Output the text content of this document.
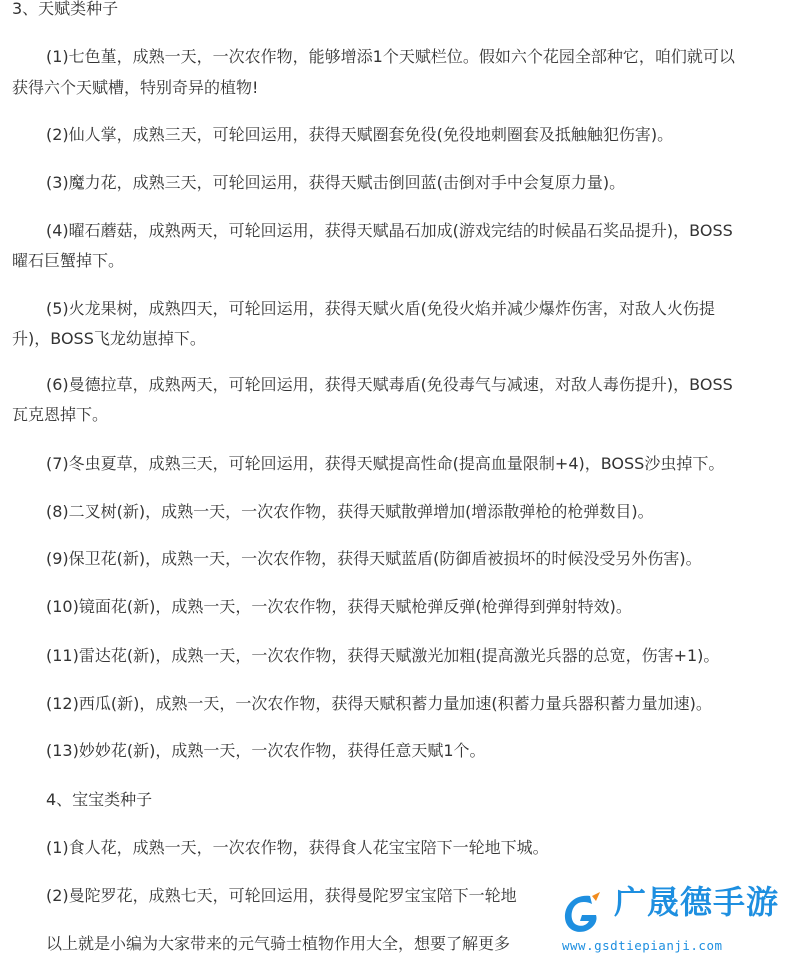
3、天赋类种子
(1)七色堇，成熟一天，一次农作物，能够增添1个天赋栏位。假如六个花园全部种它，咱们就可以
获得六个天赋槽，特别奇异的植物!
(2)仙人掌，成熟三天，可轮回运用，获得天赋圈套免役(免役地刺圈套及抵触触犯伤害)。
(3)魔力花，成熟三天，可轮回运用，获得天赋击倒回蓝(击倒对手中会复原力量)。
(4)曜石蘑菇，成熟两天，可轮回运用，获得天赋晶石加成(游戏完结的时候晶石奖品提升)，BOSS
曜石巨蟹掉下。
(5)火龙果树，成熟四天，可轮回运用，获得天赋火盾(免役火焰并减少爆炸伤害，对敌人火伤提
升)，BOSS飞龙幼崽掉下。
(6)曼德拉草，成熟两天，可轮回运用，获得天赋毒盾(免役毒气与减速，对敌人毒伤提升)，BOSS
瓦克恩掉下。
(7)冬虫夏草，成熟三天，可轮回运用，获得天赋提高性命(提高血量限制+4)，BOSS沙虫掉下。
(8)二叉树(新)，成熟一天，一次农作物，获得天赋散弹增加(增添散弹枪的枪弹数目)。
(9)保卫花(新)，成熟一天，一次农作物，获得天赋蓝盾(防御盾被损坏的时候没受另外伤害)。
(10)镜面花(新)，成熟一天，一次农作物，获得天赋枪弹反弹(枪弹得到弹射特效)。
(11)雷达花(新)，成熟一天，一次农作物，获得天赋激光加粗(提高激光兵器的总宽，伤害+1)。
(12)西瓜(新)，成熟一天，一次农作物，获得天赋积蓄力量加速(积蓄力量兵器积蓄力量加速)。
(13)妙妙花(新)，成熟一天，一次农作物，获得任意天赋1个。
4、宝宝类种子
(1)食人花，成熟一天，一次农作物，获得食人花宝宝陪下一轮地下城。
(2)曼陀罗花，成熟七天，可轮回运用，获得曼陀罗宝宝陪下一轮地
以上就是小编为大家带来的元气骑士植物作用大全，想要了解更多
广晟德手游
www.gsdtiepianji.com
